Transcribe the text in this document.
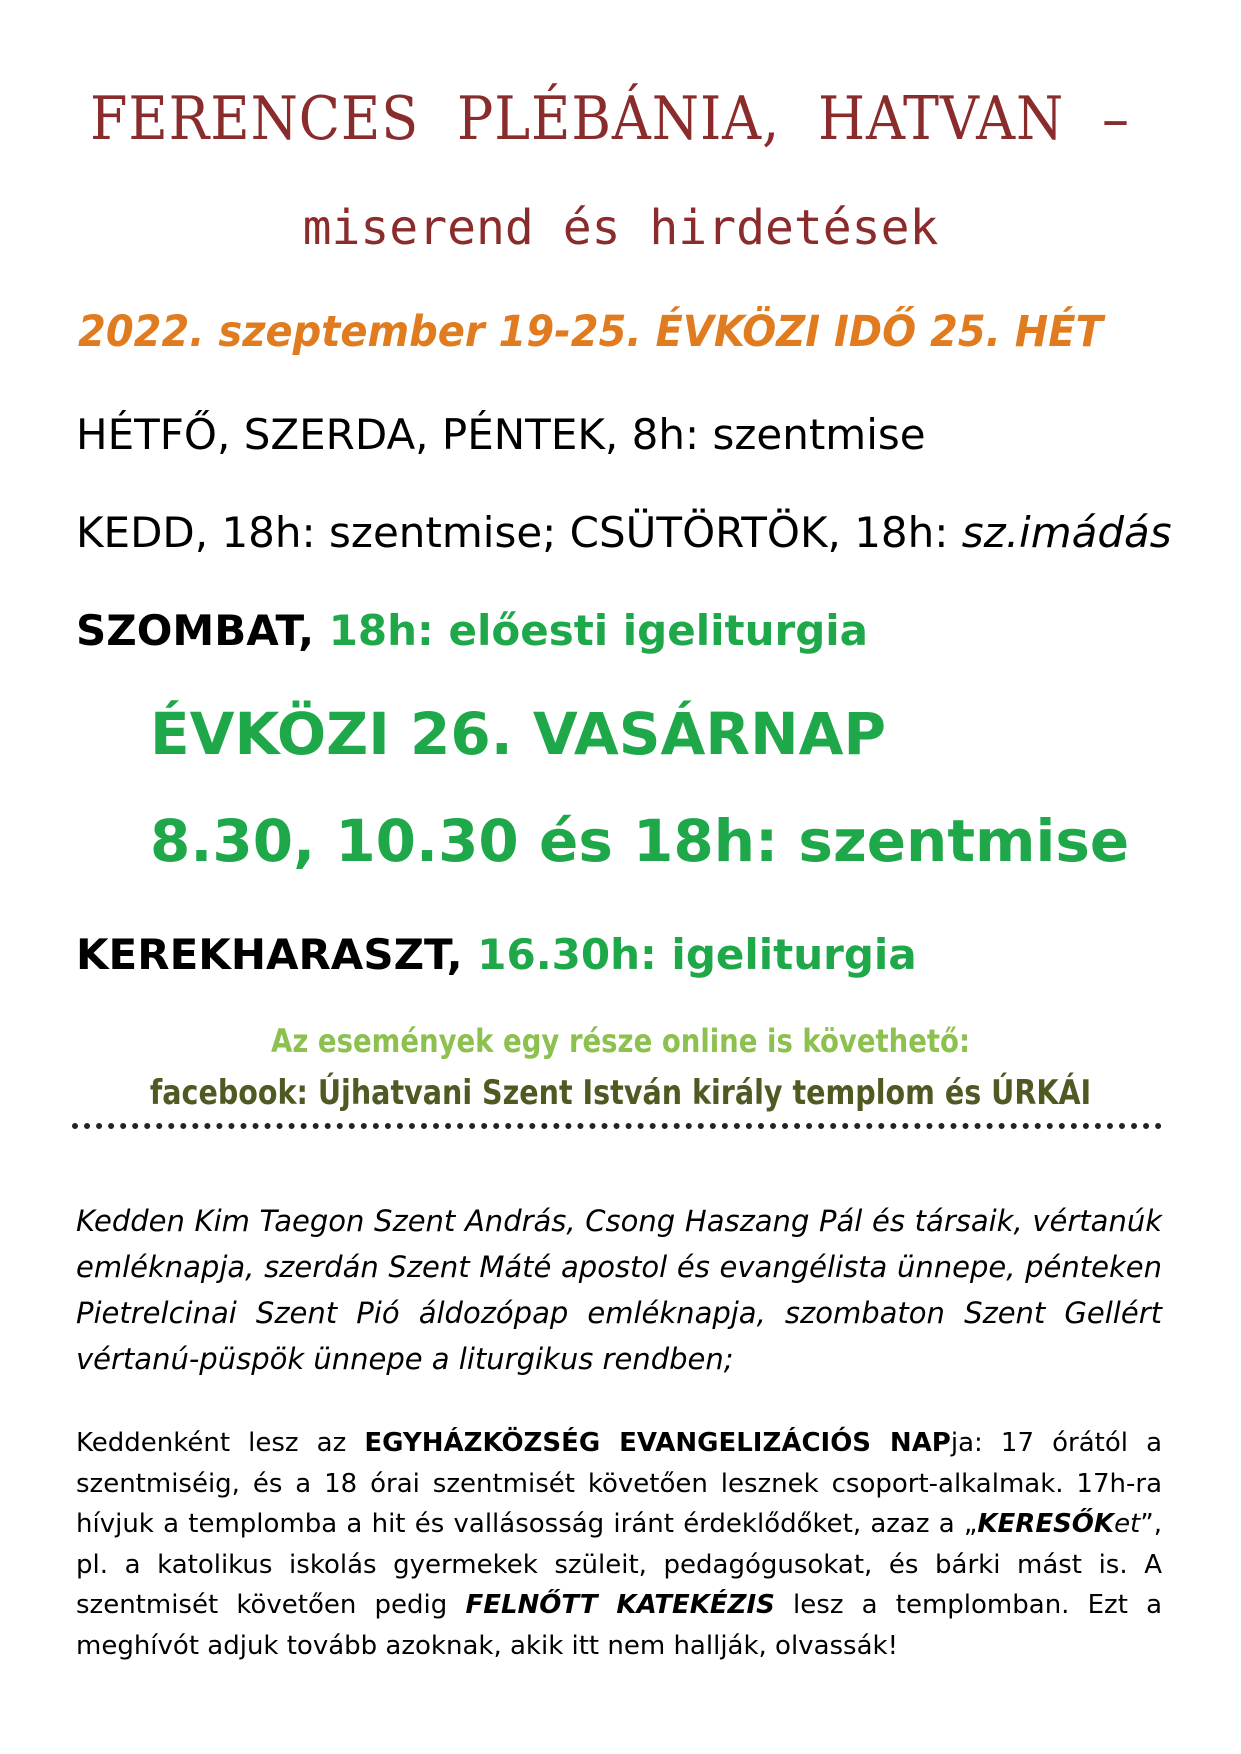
FERENCES PLÉBÁNIA, HATVAN –
miserend és hirdetések
2022. szeptember 19-25. ÉVKÖZI IDŐ 25. HÉT
HÉTFŐ, SZERDA, PÉNTEK, 8h: szentmise
KEDD, 18h: szentmise; CSÜTÖRTÖK, 18h: sz.imádás
SZOMBAT, 18h: előesti igeliturgia
ÉVKÖZI 26. VASÁRNAP
8.30, 10.30 és 18h: szentmise
KEREKHARASZT, 16.30h: igeliturgia
Az események egy része online is követhető:
facebook: Újhatvani Szent István király templom és ÚRKÁI
Kedden Kim Taegon Szent András, Csong Haszang Pál és társaik, vértanúk emléknapja, szerdán Szent Máté apostol és evangélista ünnepe, pénteken Pietrelcinai Szent Pió áldozópap emléknapja, szombaton Szent Gellért vértanú-püspök ünnepe a liturgikus rendben;
Keddenként lesz az EGYHÁZKÖZSÉG EVANGELIZÁCIÓS NAPja: 17 órától a szentmiséig, és a 18 órai szentmisét követően lesznek csoport-alkalmak. 17h-ra hívjuk a templomba a hit és vallásosság iránt érdeklődőket, azaz a „KERESŐKet”, pl. a katolikus iskolás gyermekek szüleit, pedagógusokat, és bárki mást is. A szentmisét követően pedig FELNŐTT KATEKÉZIS lesz a templomban. Ezt a meghívót adjuk tovább azoknak, akik itt nem hallják, olvassák!
